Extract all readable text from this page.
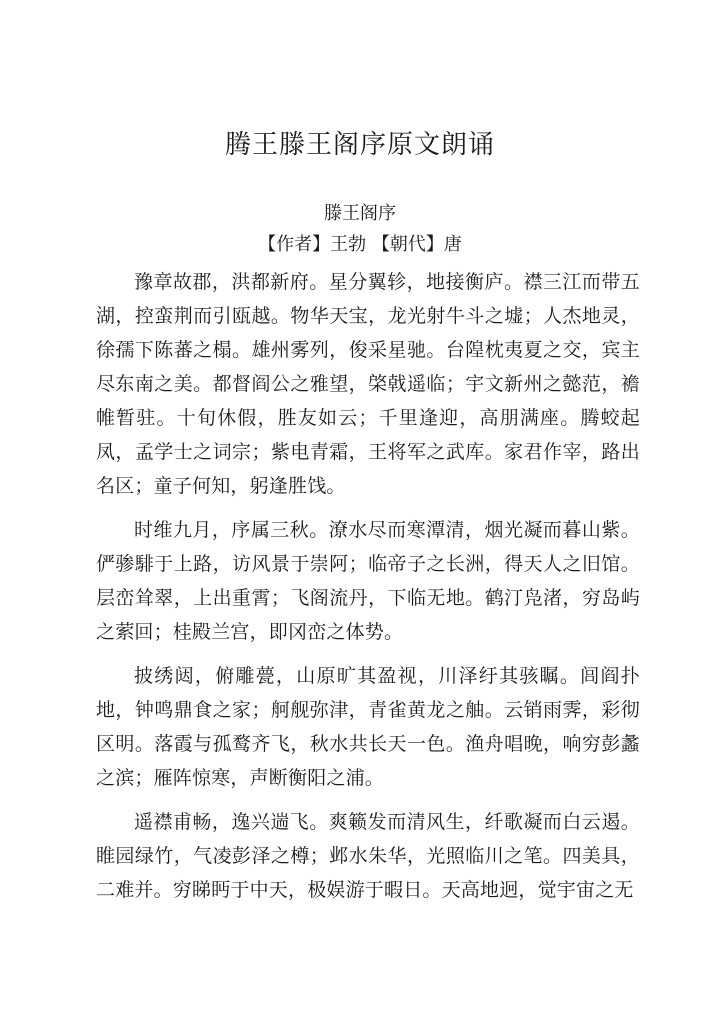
腾王滕王阁序原文朗诵
滕王阁序
【作者】王勃 【朝代】唐

豫章故郡，洪都新府。星分翼轸，地接衡庐。襟三江而带五湖，控蛮荆而引瓯越。物华天宝，龙光射牛斗之墟；人杰地灵，徐孺下陈蕃之榻。雄州雾列，俊采星驰。台隍枕夷夏之交，宾主尽东南之美。都督阎公之雅望，棨戟遥临；宇文新州之懿范，襜帷暂驻。十旬休假，胜友如云；千里逢迎，高朋满座。腾蛟起凤，孟学士之词宗；紫电青霜，王将军之武库。家君作宰，路出名区；童子何知，躬逢胜饯。

时维九月，序属三秋。潦水尽而寒潭清，烟光凝而暮山紫。俨骖騑于上路，访风景于崇阿；临帝子之长洲，得天人之旧馆。层峦耸翠，上出重霄；飞阁流丹，下临无地。鹤汀凫渚，穷岛屿之萦回；桂殿兰宫，即冈峦之体势。

披绣闼，俯雕甍，山原旷其盈视，川泽纡其骇瞩。闾阎扑地，钟鸣鼎食之家；舸舰弥津，青雀黄龙之舳。云销雨霁，彩彻区明。落霞与孤鹜齐飞，秋水共长天一色。渔舟唱晚，响穷彭蠡之滨；雁阵惊寒，声断衡阳之浦。

遥襟甫畅，逸兴遄飞。爽籁发而清风生，纤歌凝而白云遏。睢园绿竹，气凌彭泽之樽；邺水朱华，光照临川之笔。四美具，二难并。穷睇眄于中天，极娱游于暇日。天高地迥，觉宇宙之无
